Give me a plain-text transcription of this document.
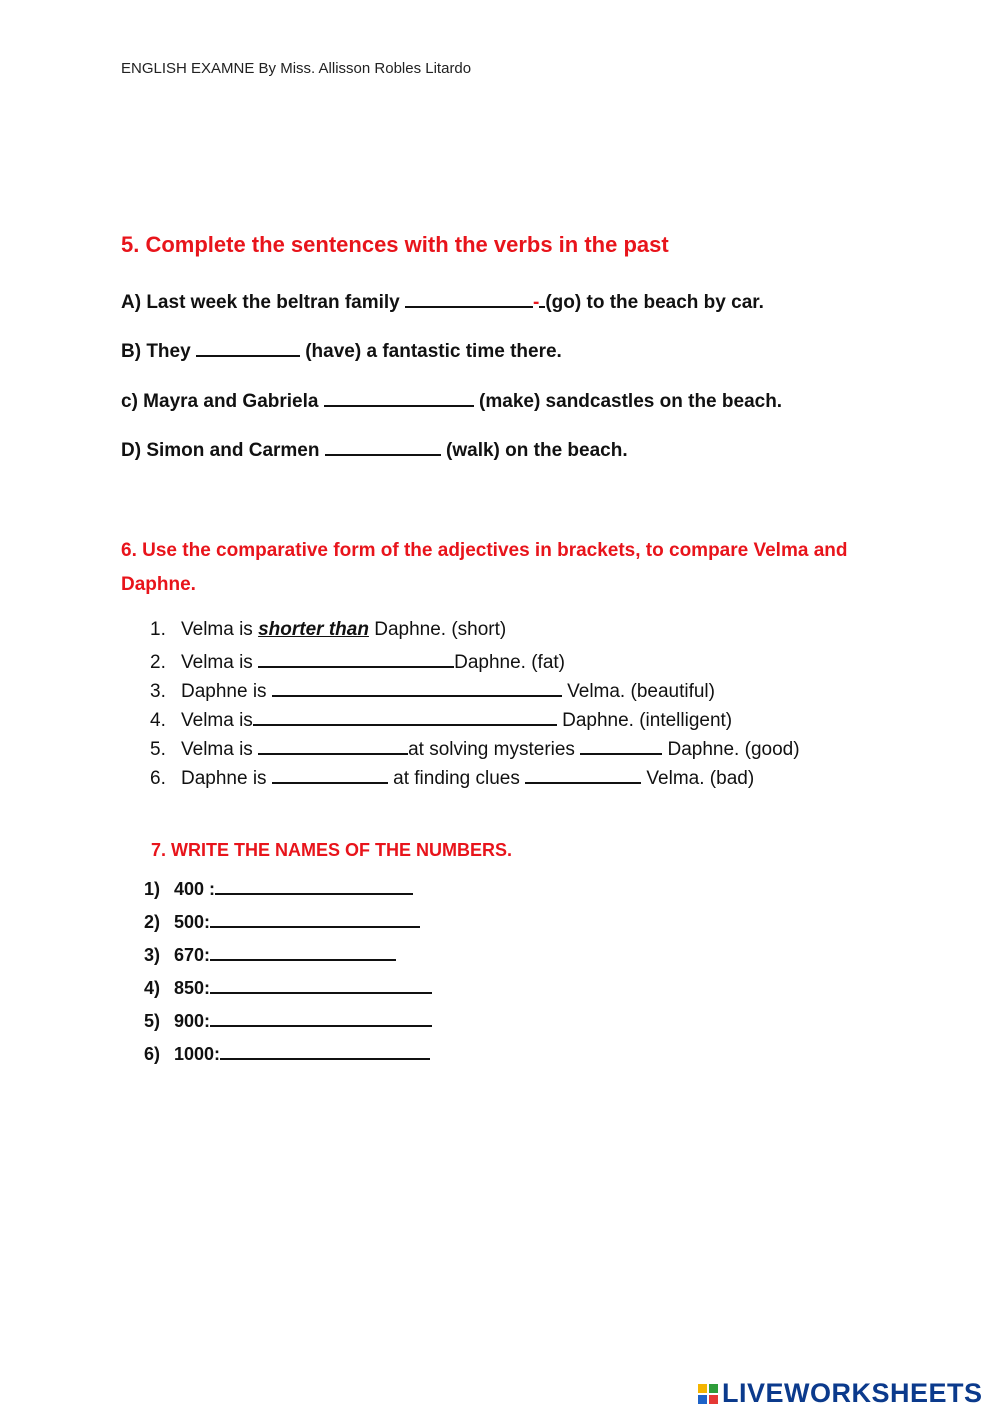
ENGLISH EXAMNE By Miss. Allisson Robles Litardo
5. Complete the sentences with the verbs in the past
A) Last week the beltran family	- (go) to the beach by car.
B) They	(have) a fantastic time there.
c) Mayra and Gabriela	(make) sandcastles on the beach.
D) Simon and Carmen	(walk) on the beach.
6. Use the comparative form of the adjectives in brackets, to compare Velma and Daphne.
1. Velma is shorter than Daphne. (short)
2. Velma is	Daphne. (fat)
3. Daphne is	Velma. (beautiful)
4. Velma is	Daphne. (intelligent)
5. Velma is	at solving mysteries	Daphne. (good)
6. Daphne is	at finding clues	Velma. (bad)
7. WRITE THE NAMES OF THE NUMBERS.
1) 400 :
2) 500:
3) 670:
4) 850:
5) 900:
6) 1000:
LIVEWORKSHEETS
